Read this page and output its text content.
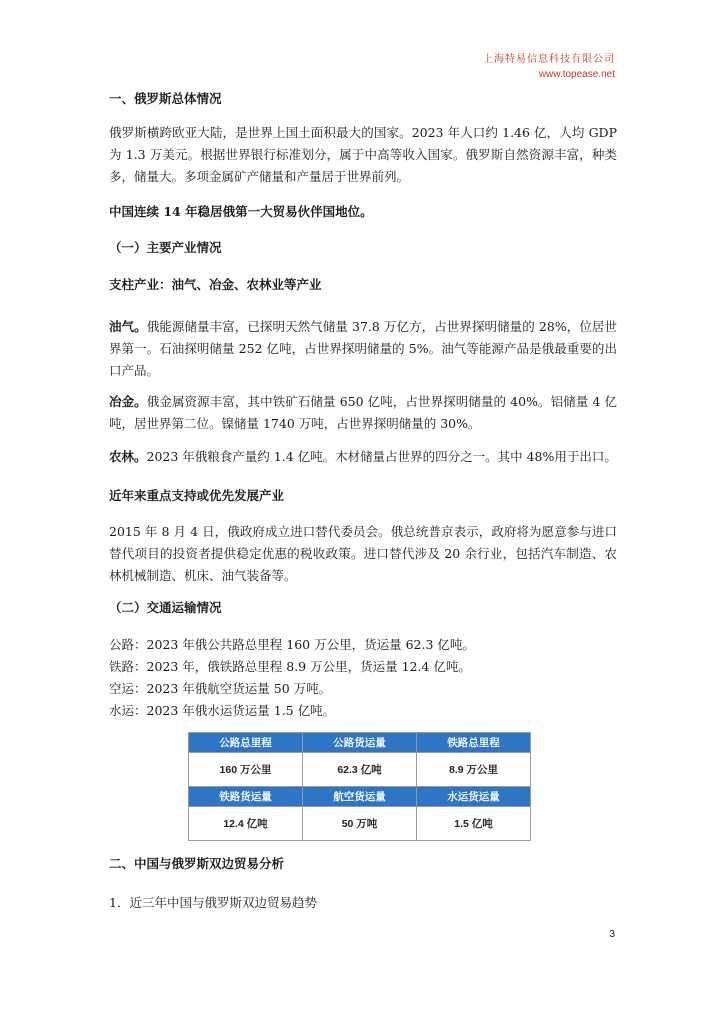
上海特易信息科技有限公司
www.topease.net
一、俄罗斯总体情况
俄罗斯横跨欧亚大陆，是世界上国土面积最大的国家。2023 年人口约 1.46 亿，人均 GDP 为 1.3 万美元。根据世界银行标准划分，属于中高等收入国家。俄罗斯自然资源丰富，种类多，储量大。多项金属矿产储量和产量居于世界前列。
中国连续 14 年稳居俄第一大贸易伙伴国地位。
（一）主要产业情况
支柱产业：油气、冶金、农林业等产业
油气。俄能源储量丰富，已探明天然气储量 37.8 万亿方，占世界探明储量的 28%，位居世界第一。石油探明储量 252 亿吨，占世界探明储量的 5%。油气等能源产品是俄最重要的出口产品。
冶金。俄金属资源丰富，其中铁矿石储量 650 亿吨，占世界探明储量的 40%。铝储量 4 亿吨，居世界第二位。镍储量 1740 万吨，占世界探明储量的 30%。
农林。2023 年俄粮食产量约 1.4 亿吨。木材储量占世界的四分之一。其中 48%用于出口。
近年来重点支持或优先发展产业
2015 年 8 月 4 日，俄政府成立进口替代委员会。俄总统普京表示，政府将为愿意参与进口替代项目的投资者提供稳定优惠的税收政策。进口替代涉及 20 余行业，包括汽车制造、农林机械制造、机床、油气装备等。
（二）交通运输情况
公路：2023 年俄公共路总里程 160 万公里，货运量 62.3 亿吨。
铁路：2023 年，俄铁路总里程 8.9 万公里，货运量 12.4 亿吨。
空运：2023 年俄航空货运量 50 万吨。
水运：2023 年俄水运货运量 1.5 亿吨。
公路总里程	公路货运量	铁路总里程
160 万公里	62.3 亿吨	8.9 万公里
铁路货运量	航空货运量	水运货运量
12.4 亿吨	50 万吨	1.5 亿吨
二、中国与俄罗斯双边贸易分析
1．近三年中国与俄罗斯双边贸易趋势
3
